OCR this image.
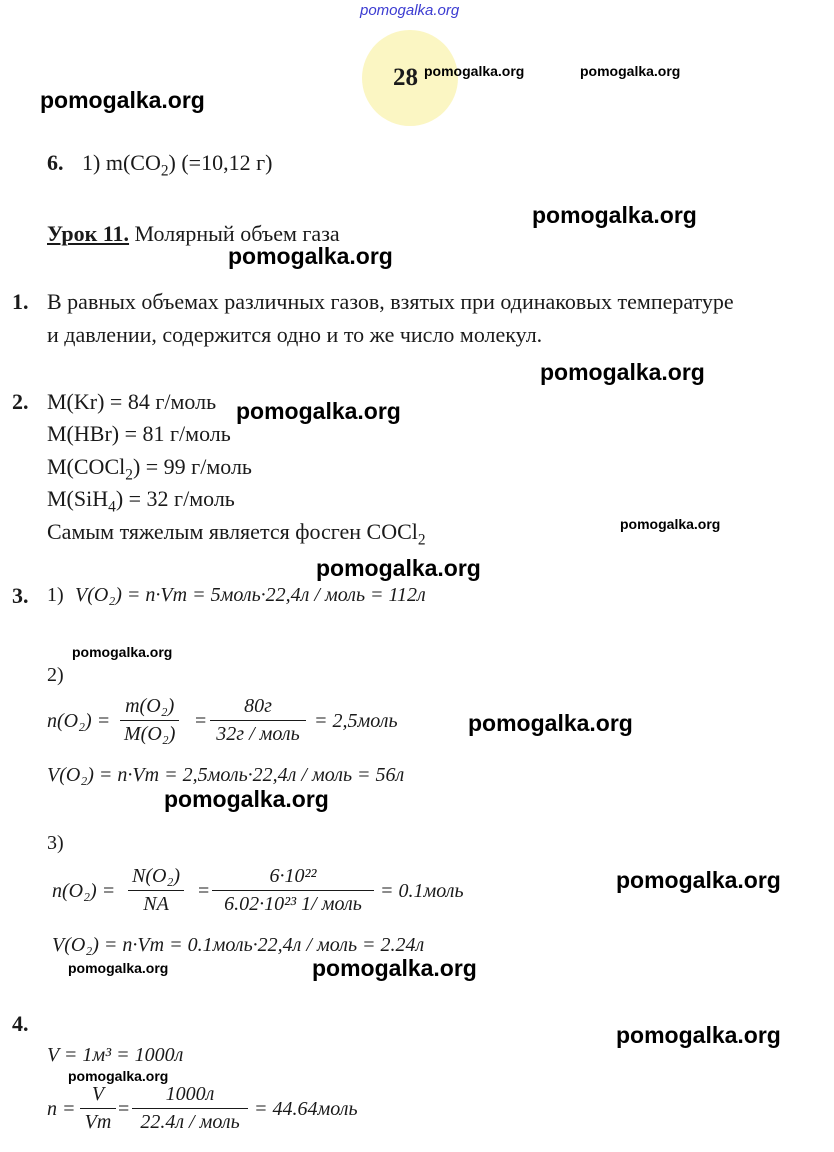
pomogalka.org
28 pomogalka.org	pomogalka.org
pomogalka.org
6. 1) $m(CO_2)$ (=10,12 г)
Урок 11. Молярный объем газа
pomogalka.org
pomogalka.org
1. В равных объемах различных газов, взятых при одинаковых температуре
и давлении, содержится одно и то же число молекул.
pomogalka.org
2. M(Kr) = 84 г/моль pomogalka.org
M(HBr) = 81 г/моль
M(COCl$_2$) = 99 г/моль
M(SiH$_4$) = 32 г/моль
Самым тяжелым является фосген COCl$_2$
pomogalka.org
pomogalka.org
3. 1) V(O₂) = n·Vm = 5моль·22,4л / моль = 112л
pomogalka.org
2)
n(O₂) =
m(O₂)
M(O₂)
=
80г
32г / моль
= 2,5моль	pomogalka.org
V(O₂) = n·Vm = 2,5моль·22,4л / моль = 56л
pomogalka.org
3)
n(O₂) =
N(O₂)
NA
=
6·10²²
6.02·10²³ 1/ моль
= 0.1моль	pomogalka.org
V(O₂) = n·Vm = 0.1моль·22,4л / моль = 2.24л
pomogalka.org	pomogalka.org
4.	pomogalka.org
V = 1м³ = 1000л
pomogalka.org
n =
V
Vm
=
1000л
22.4л / моль
= 44.64моль
